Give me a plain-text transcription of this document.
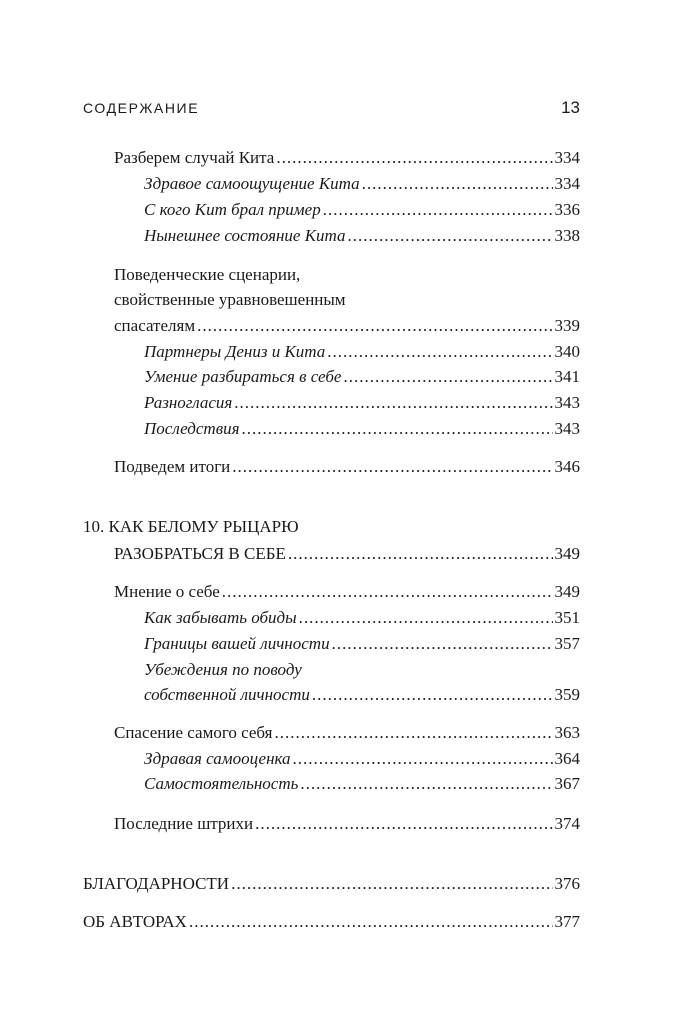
СОДЕРЖАНИЕ	13
Разберем случай Кита .....	334
Здравое самоощущение Кита .....	334
С кого Кит брал пример .....	336
Нынешнее состояние Кита .....	338
Поведенческие сценарии,
свойственные уравновешенным
спасателям .....	339
Партнеры Дениз и Кита .....	340
Умение разбираться в себе .....	341
Разногласия .....	343
Последствия .....	343
Подведем итоги .....	346
10. КАК БЕЛОМУ РЫЦАРЮ
РАЗОБРАТЬСЯ В СЕБЕ .....	349
Мнение о себе .....	349
Как забывать обиды .....	351
Границы вашей личности .....	357
Убеждения по поводу
собственной личности .....	359
Спасение самого себя .....	363
Здравая самооценка .....	364
Самостоятельность .....	367
Последние штрихи .....	374
БЛАГОДАРНОСТИ .....	376
ОБ АВТОРАХ .....	377
